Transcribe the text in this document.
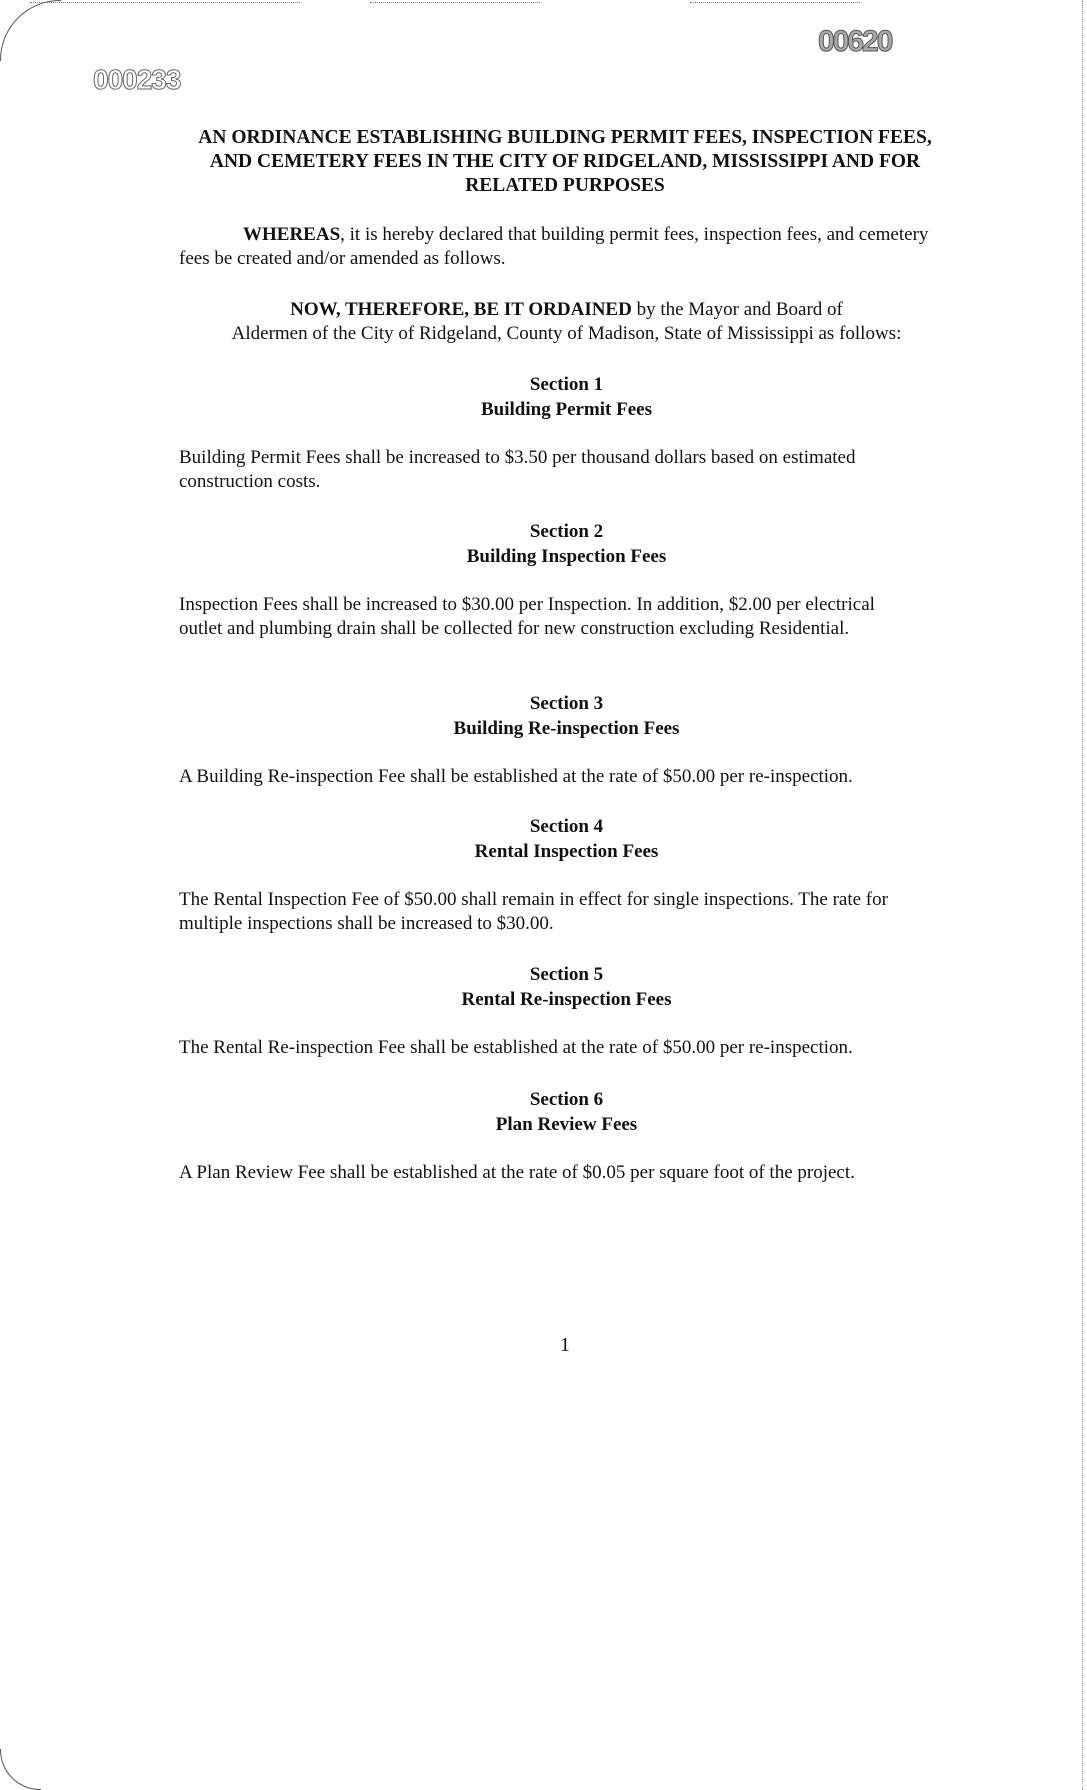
000233
00620
AN ORDINANCE ESTABLISHING BUILDING PERMIT FEES, INSPECTION FEES, AND CEMETERY FEES IN THE CITY OF RIDGELAND, MISSISSIPPI AND FOR RELATED PURPOSES
WHEREAS, it is hereby declared that building permit fees, inspection fees, and cemetery fees be created and/or amended as follows.
NOW, THEREFORE, BE IT ORDAINED by the Mayor and Board of
Aldermen of the City of Ridgeland, County of Madison, State of Mississippi as follows:
Section 1
Building Permit Fees
Building Permit Fees shall be increased to $3.50 per thousand dollars based on estimated construction costs.
Section 2
Building Inspection Fees
Inspection Fees shall be increased to $30.00 per Inspection. In addition, $2.00 per electrical outlet and plumbing drain shall be collected for new construction excluding Residential.
Section 3
Building Re-inspection Fees
A Building Re-inspection Fee shall be established at the rate of $50.00 per re-inspection.
Section 4
Rental Inspection Fees
The Rental Inspection Fee of $50.00 shall remain in effect for single inspections. The rate for multiple inspections shall be increased to $30.00.
Section 5
Rental Re-inspection Fees
The Rental Re-inspection Fee shall be established at the rate of $50.00 per re-inspection.
Section 6
Plan Review Fees
A Plan Review Fee shall be established at the rate of $0.05 per square foot of the project.
1
